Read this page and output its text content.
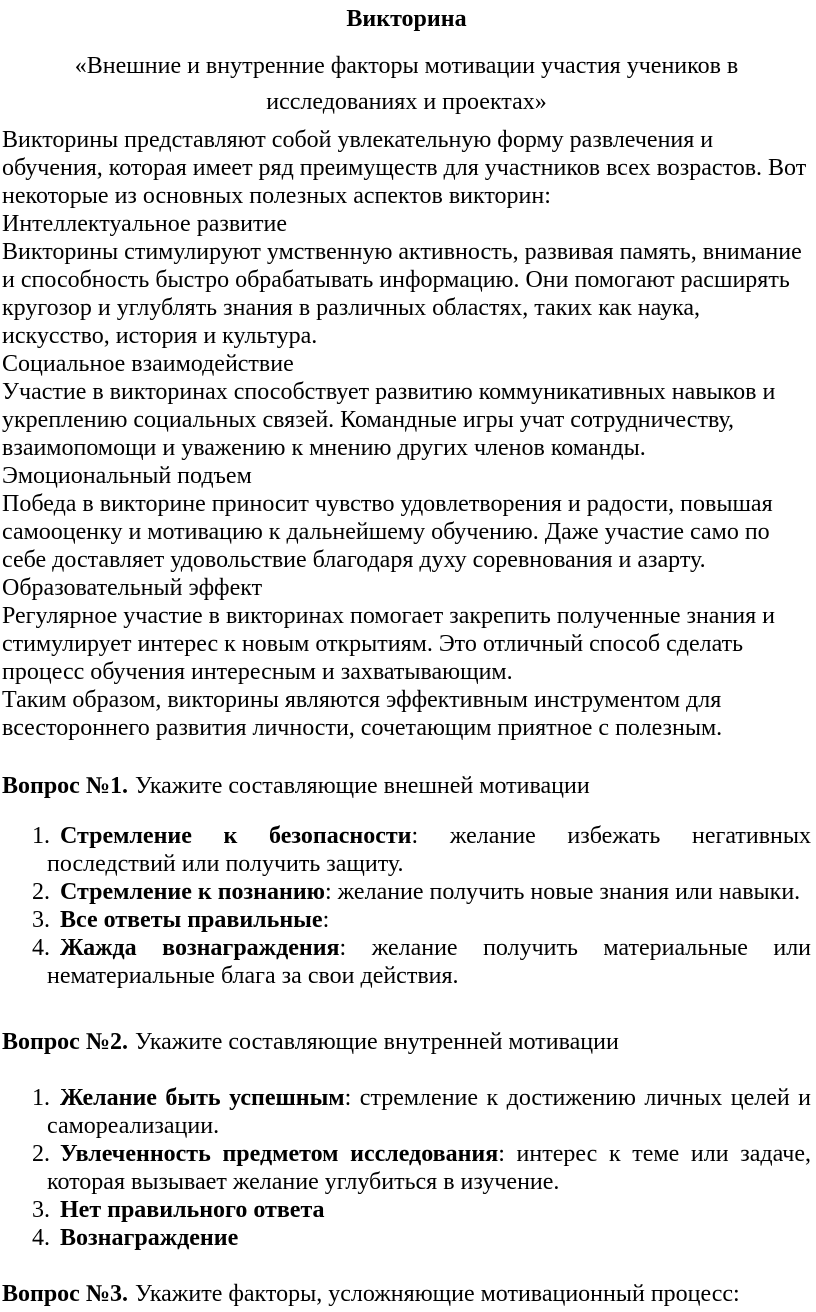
Викторина
«Внешние и внутренние факторы мотивации участия учеников в исследованиях и проектах»

Викторины представляют собой увлекательную форму развлечения и обучения, которая имеет ряд преимуществ для участников всех возрастов. Вот некоторые из основных полезных аспектов викторин:

Интеллектуальное развитие

Викторины стимулируют умственную активность, развивая память, внимание и способность быстро обрабатывать информацию. Они помогают расширять кругозор и углублять знания в различных областях, таких как наука, искусство, история и культура.

Социальное взаимодействие

Участие в викторинах способствует развитию коммуникативных навыков и укреплению социальных связей. Командные игры учат сотрудничеству, взаимопомощи и уважению к мнению других членов команды.

Эмоциональный подъем

Победа в викторине приносит чувство удовлетворения и радости, повышая самооценку и мотивацию к дальнейшему обучению. Даже участие само по себе доставляет удовольствие благодаря духу соревнования и азарту.

Образовательный эффект

Регулярное участие в викторинах помогает закрепить полученные знания и стимулирует интерес к новым открытиям. Это отличный способ сделать процесс обучения интересным и захватывающим.

Таким образом, викторины являются эффективным инструментом для всестороннего развития личности, сочетающим приятное с полезным.

Вопрос №1. Укажите составляющие внешней мотивации

1. Стремление к безопасности: желание избежать негативных последствий или получить защиту.
2. Стремление к познанию: желание получить новые знания или навыки.
3. Все ответы правильные:
4. Жажда вознаграждения: желание получить материальные или нематериальные блага за свои действия.

Вопрос №2. Укажите составляющие внутренней мотивации

1. Желание быть успешным: стремление к достижению личных целей и самореализации.
2. Увлеченность предметом исследования: интерес к теме или задаче, которая вызывает желание углубиться в изучение.
3. Нет правильного ответа
4. Вознаграждение

Вопрос №3. Укажите факторы, усложняющие мотивационный процесс:
